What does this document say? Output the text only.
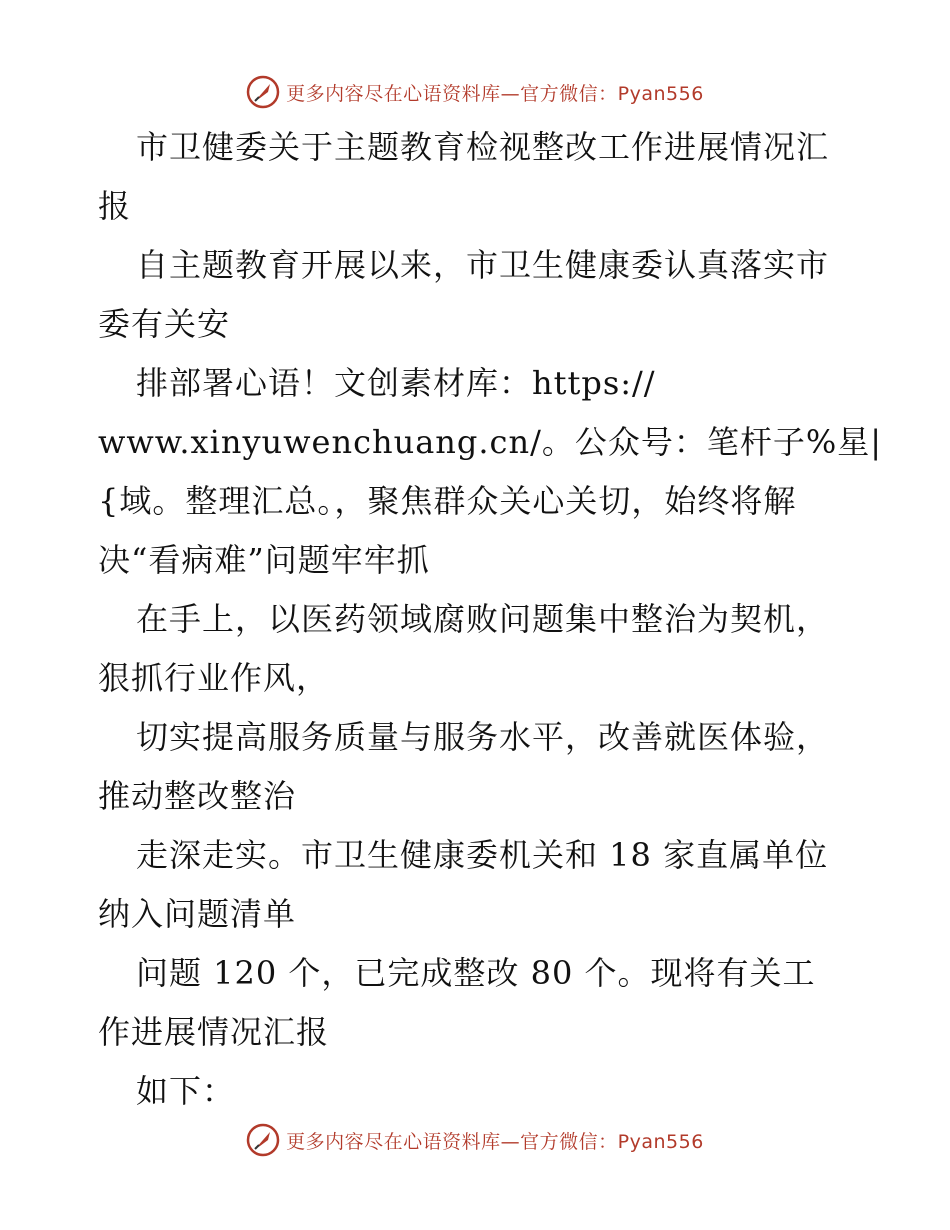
更多内容尽在心语资料库—官方微信：Pyan556
市卫健委关于主题教育检视整改工作进展情况汇
报
自主题教育开展以来，市卫生健康委认真落实市
委有关安
排部署心语！文创素材库：https://
www.xinyuwenchuang.cn/。公众号：笔杆子%星|
{域。整理汇总。，聚焦群众关心关切，始终将解
决“看病难”问题牢牢抓
在手上，以医药领域腐败问题集中整治为契机，
狠抓行业作风，
切实提高服务质量与服务水平，改善就医体验，
推动整改整治
走深走实。市卫生健康委机关和 18 家直属单位
纳入问题清单
问题 120 个，已完成整改 80 个。现将有关工
作进展情况汇报
如下：
更多内容尽在心语资料库—官方微信：Pyan556
